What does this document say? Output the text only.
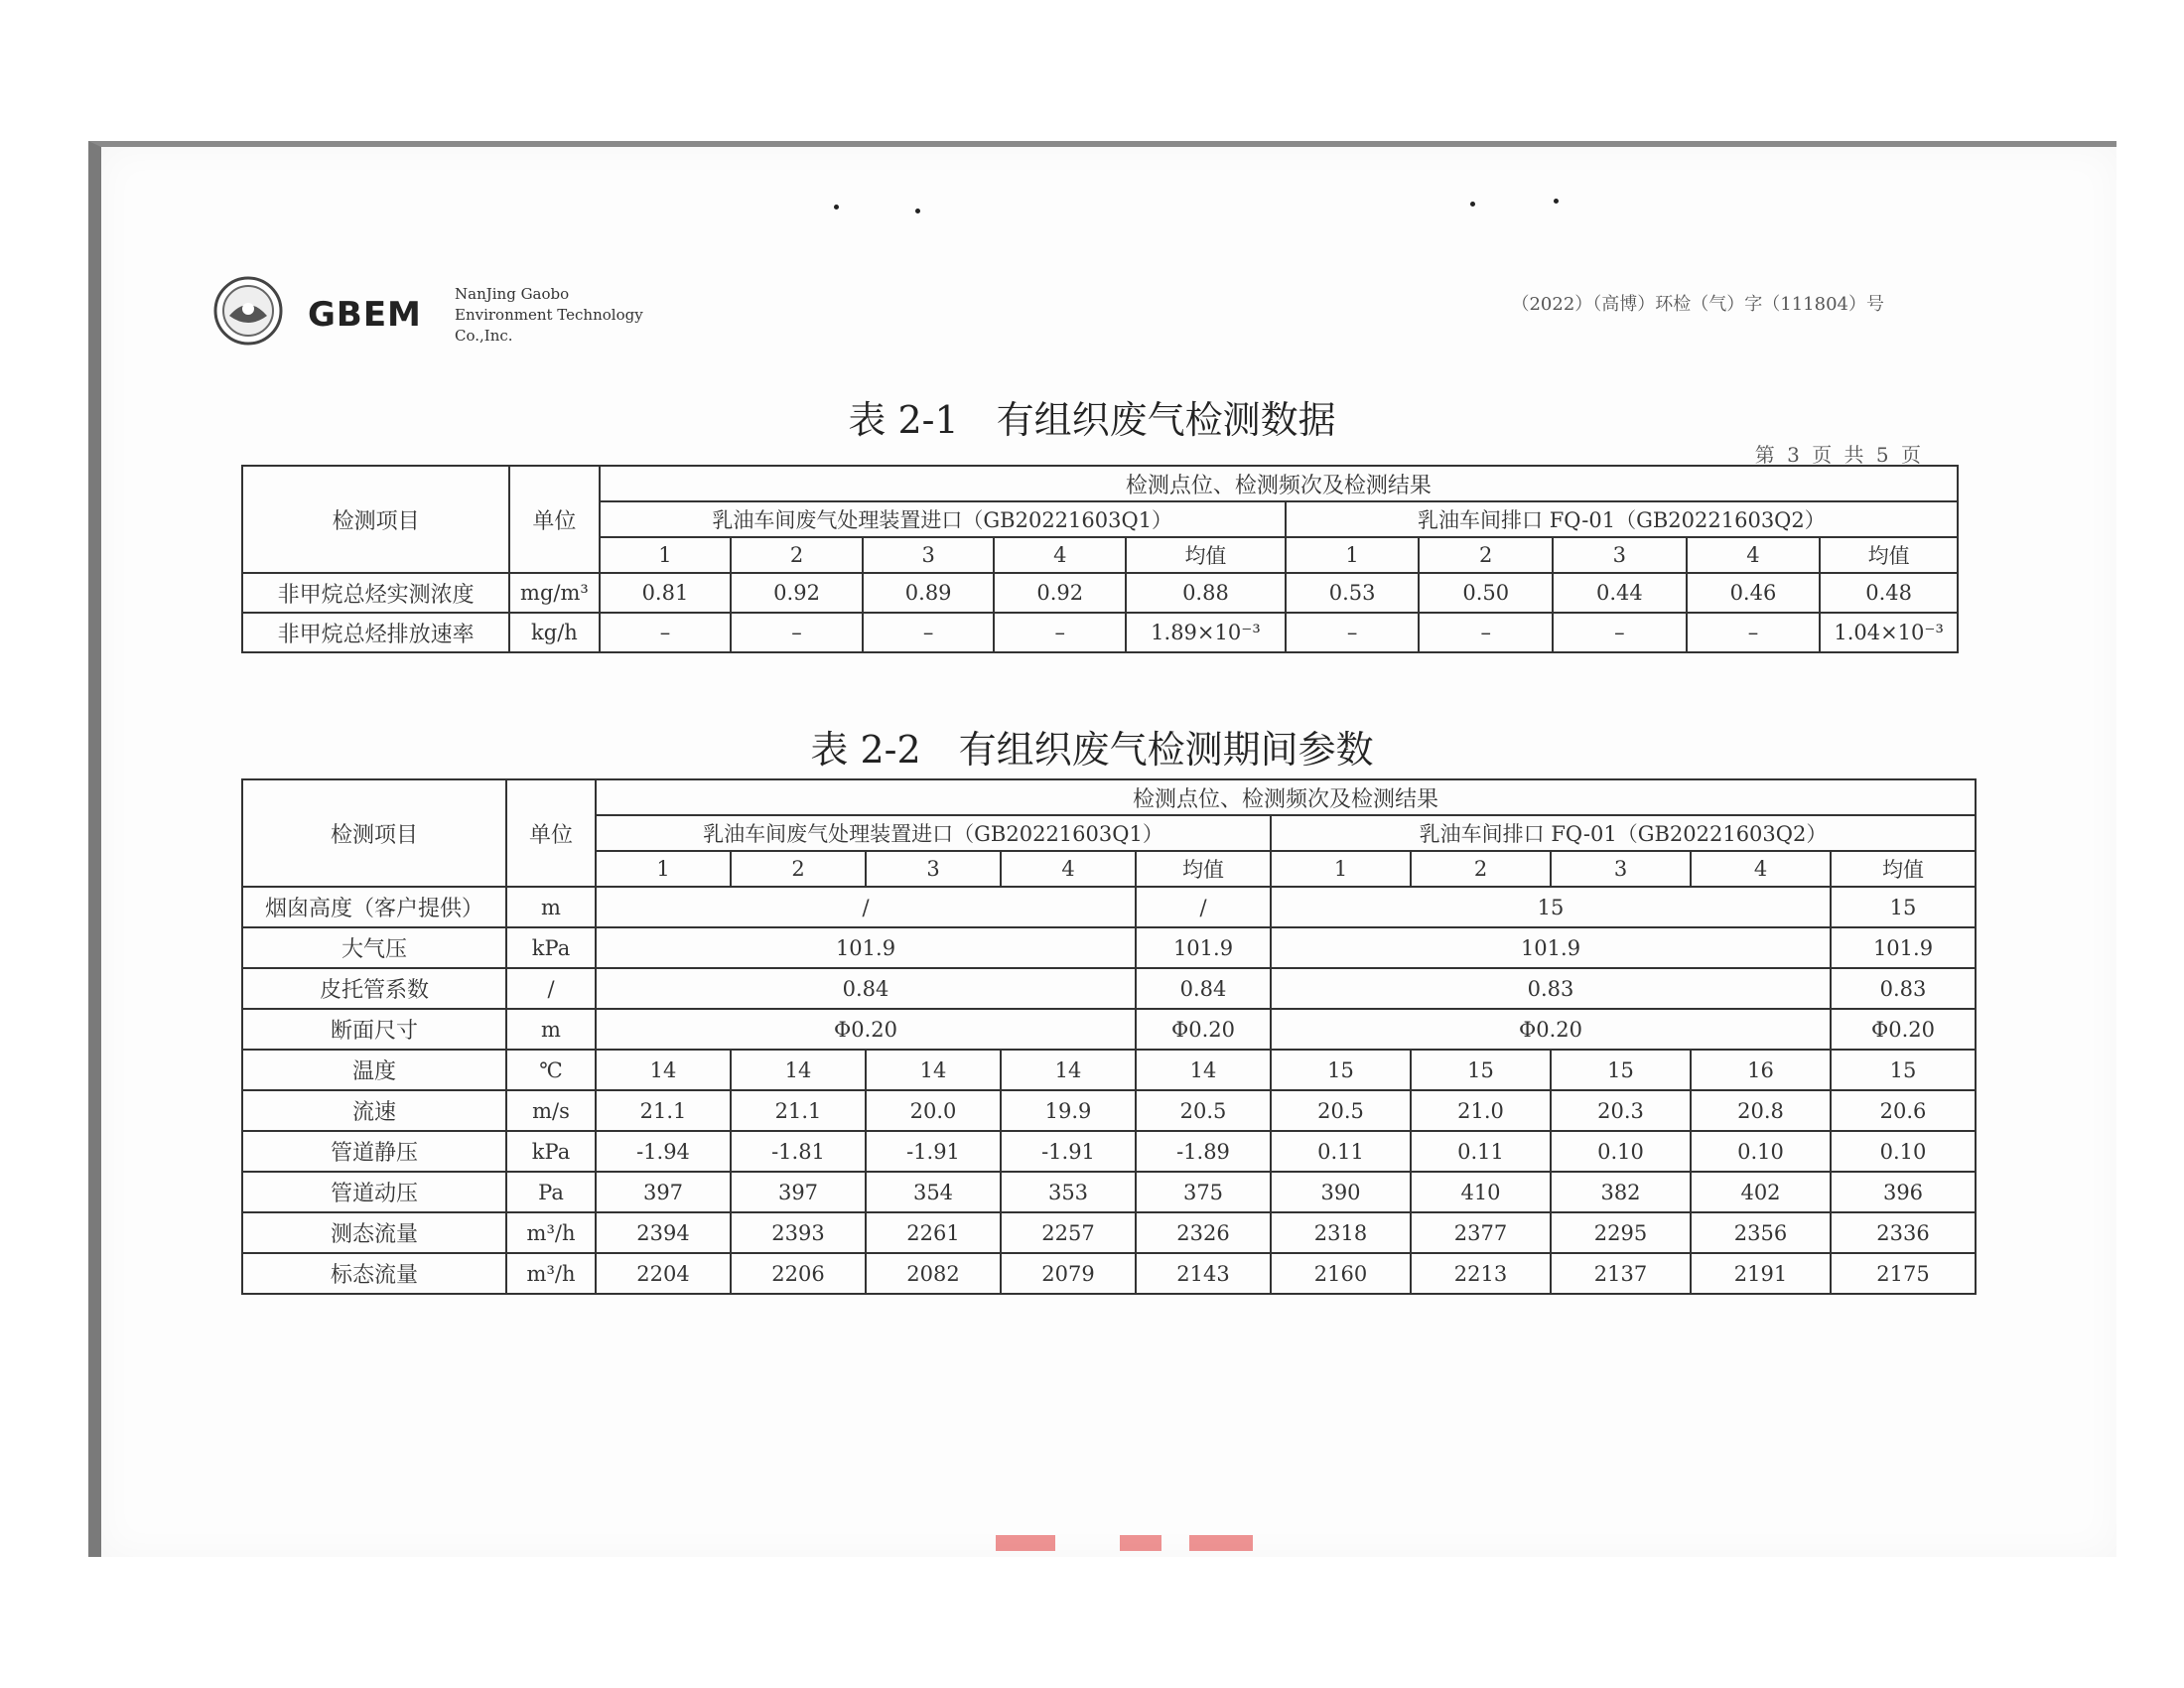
GBEM
NanJing Gaobo
Environment Technology
Co.,Inc.
（2022）（高博）环检（气）字（111804）号
表 2-1　有组织废气检测数据
第 3 页 共 5 页
检测项目	单位	检测点位、检测频次及检测结果									
		乳油车间废气处理装置进口（GB20221603Q1）					乳油车间排口 FQ-01（GB20221603Q2）				
		1	2	3	4	均值	1	2	3	4	均值
非甲烷总烃实测浓度	mg/m³	0.81	0.92	0.89	0.92	0.88	0.53	0.50	0.44	0.46	0.48
非甲烷总烃排放速率	kg/h	–	–	–	–	1.89×10⁻³	–	–	–	–	1.04×10⁻³
表 2-2　有组织废气检测期间参数
检测项目	单位	检测点位、检测频次及检测结果									
		乳油车间废气处理装置进口（GB20221603Q1）					乳油车间排口 FQ-01（GB20221603Q2）				
		1	2	3	4	均值	1	2	3	4	均值
烟囱高度（客户提供）	m	/				/	15				15
大气压	kPa	101.9				101.9	101.9				101.9
皮托管系数	/	0.84				0.84	0.83				0.83
断面尺寸	m	Φ0.20				Φ0.20	Φ0.20				Φ0.20
温度	℃	14	14	14	14	14	15	15	15	16	15
流速	m/s	21.1	21.1	20.0	19.9	20.5	20.5	21.0	20.3	20.8	20.6
管道静压	kPa	-1.94	-1.81	-1.91	-1.91	-1.89	0.11	0.11	0.10	0.10	0.10
管道动压	Pa	397	397	354	353	375	390	410	382	402	396
测态流量	m³/h	2394	2393	2261	2257	2326	2318	2377	2295	2356	2336
标态流量	m³/h	2204	2206	2082	2079	2143	2160	2213	2137	2191	2175
